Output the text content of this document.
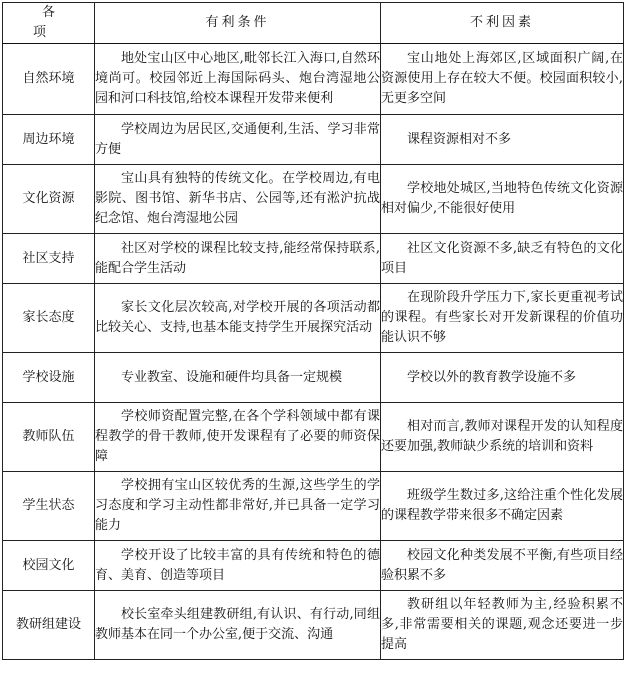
各 项	有利条件	不利因素
自然环境	地处宝山区中心地区,毗邻长江入海口,自然环境尚可。校园邻近上海国际码头、炮台湾湿地公园和河口科技馆,给校本课程开发带来便利	宝山地处上海郊区,区域面积广阔,在资源使用上存在较大不便。校园面积较小,无更多空间
周边环境	学校周边为居民区,交通便利,生活、学习非常方便	课程资源相对不多
文化资源	宝山具有独特的传统文化。在学校周边,有电影院、图书馆、新华书店、公园等,还有淞沪抗战纪念馆、炮台湾湿地公园	学校地处城区,当地特色传统文化资源相对偏少,不能很好使用
社区支持	社区对学校的课程比较支持,能经常保持联系,能配合学生活动	社区文化资源不多,缺乏有特色的文化项目
家长态度	家长文化层次较高,对学校开展的各项活动都比较关心、支持,也基本能支持学生开展探究活动	在现阶段升学压力下,家长更重视考试的课程。有些家长对开发新课程的价值功能认识不够
学校设施	专业教室、设施和硬件均具备一定规模	学校以外的教育教学设施不多
教师队伍	学校师资配置完整,在各个学科领域中都有课程教学的骨干教师,使开发课程有了必要的师资保障	相对而言,教师对课程开发的认知程度还要加强,教师缺少系统的培训和资料
学生状态	学校拥有宝山区较优秀的生源,这些学生的学习态度和学习主动性都非常好,并已具备一定学习能力	班级学生数过多,这给注重个性化发展的课程教学带来很多不确定因素
校园文化	学校开设了比较丰富的具有传统和特色的德育、美育、创造等项目	校园文化种类发展不平衡,有些项目经验积累不多
教研组建设	校长室牵头组建教研组,有认识、有行动,同组教师基本在同一个办公室,便于交流、沟通	教研组以年轻教师为主,经验积累不多,非常需要相关的课题,观念还要进一步提高
